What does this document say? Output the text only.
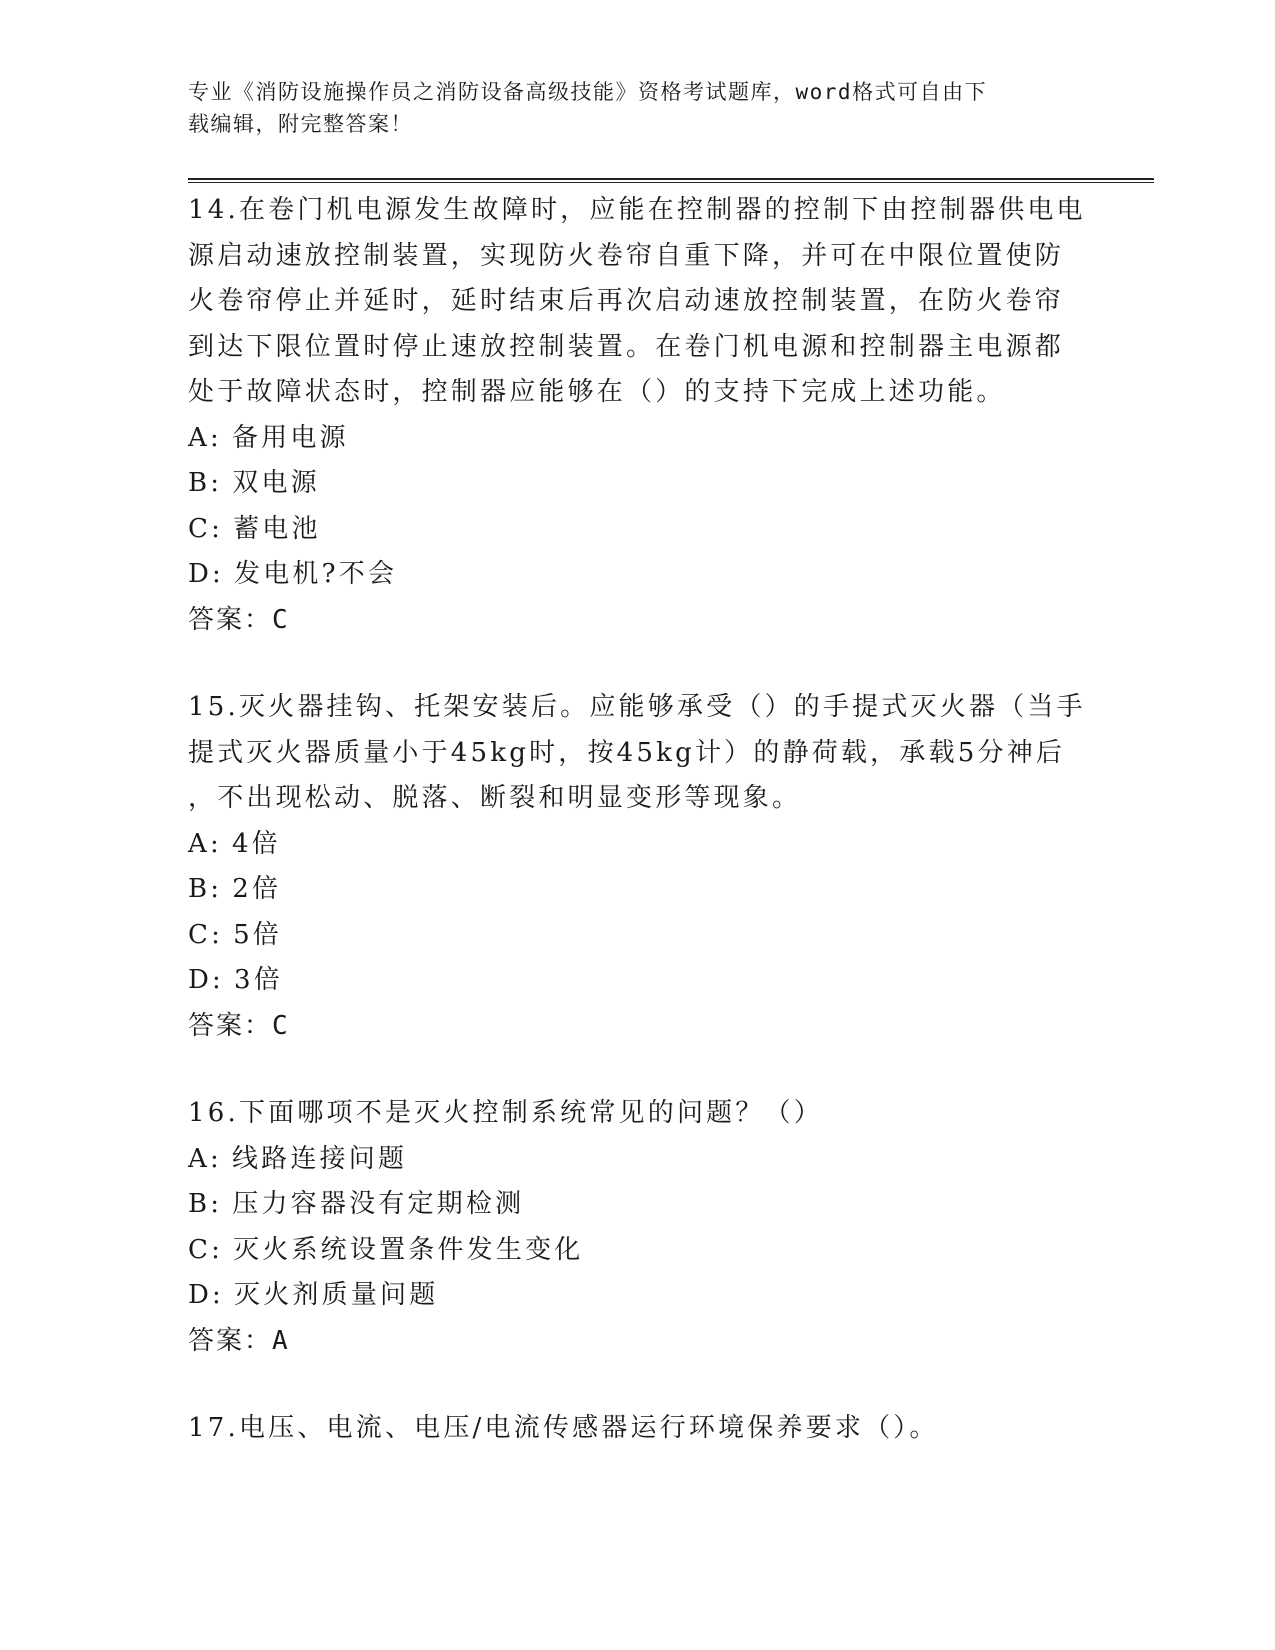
专业《消防设施操作员之消防设备高级技能》资格考试题库，word格式可自由下
载编辑，附完整答案！

14.在卷门机电源发生故障时，应能在控制器的控制下由控制器供电电

源启动速放控制装置，实现防火卷帘自重下降，并可在中限位置使防

火卷帘停止并延时，延时结束后再次启动速放控制装置，在防火卷帘

到达下限位置时停止速放控制装置。在卷门机电源和控制器主电源都

处于故障状态时，控制器应能够在（）的支持下完成上述功能。

A: 备用电源

B: 双电源

C: 蓄电池

D: 发电机?不会

答案：C

15.灭火器挂钩、托架安装后。应能够承受（）的手提式灭火器（当手

提式灭火器质量小于45kg时，按45kg计）的静荷载，承载5分神后

，不出现松动、脱落、断裂和明显变形等现象。

A: 4倍

B: 2倍

C: 5倍

D: 3倍

答案：C

16.下面哪项不是灭火控制系统常见的问题？（）

A: 线路连接问题

B: 压力容器没有定期检测

C: 灭火系统设置条件发生变化

D: 灭火剂质量问题

答案：A

17.电压、电流、电压/电流传感器运行环境保养要求（）。
